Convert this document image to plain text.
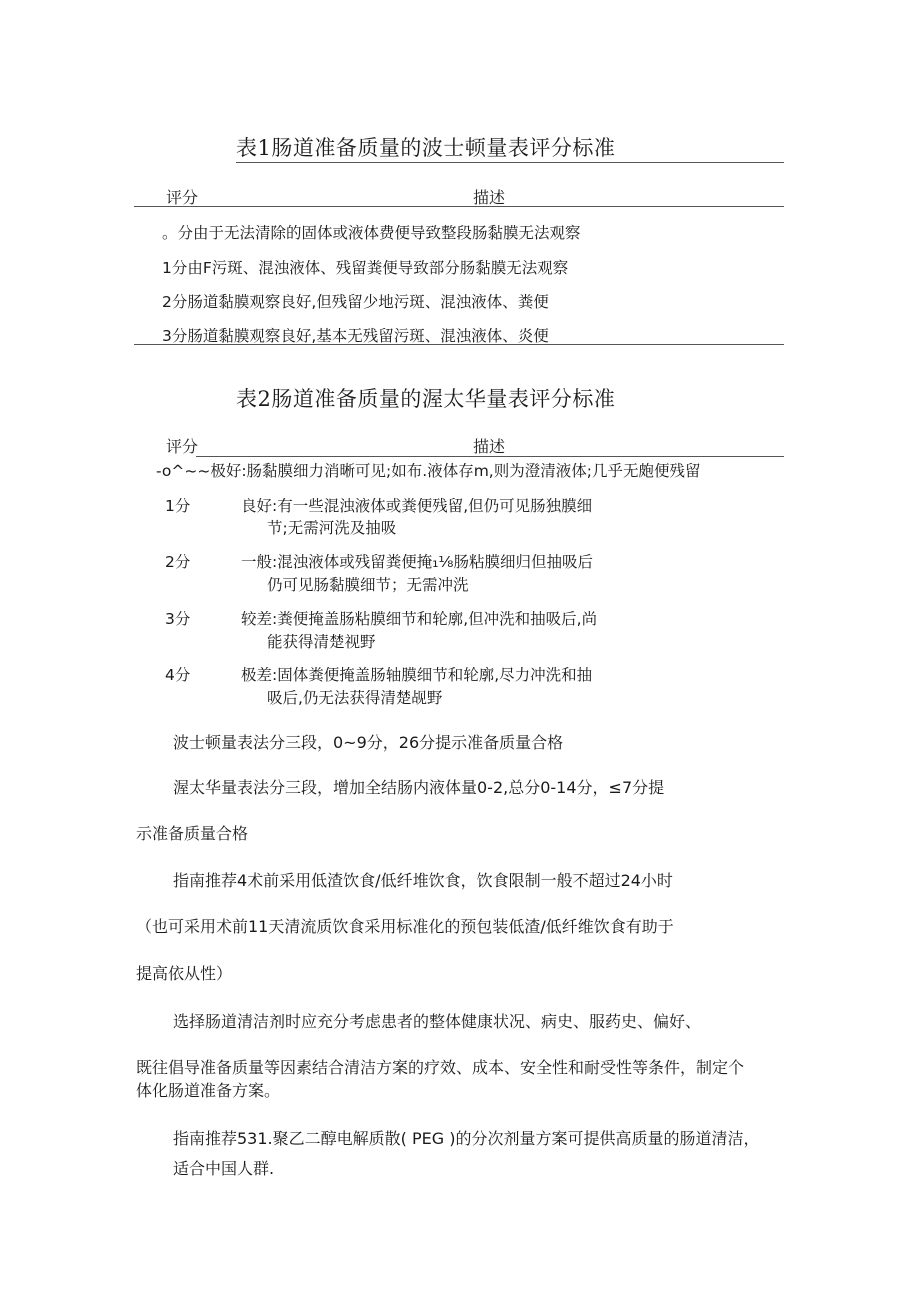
表1肠道准备质量的波士顿量表评分标准
评分	描述
。分由于无法清除的固体或液体费便导致整段肠黏膜无法观察
1分由F污斑、混浊液体、残留粪便导致部分肠黏膜无法观察
2分肠道黏膜观察良好,但残留少地污斑、混浊液体、粪便
3分肠道黏膜观察良好,基本无残留污斑、混浊液体、炎便
表2肠道准备质量的渥太华量表评分标准
评分	描述
-o^~~极好:肠黏膜细力消晰可见;如布.液体存m,则为澄清液体;几乎无皰便残留
1分	良好:有一些混浊液体或粪便残留,但仍可见肠独膜细
节;无需河洗及抽吸
2分	一般:混浊液体或残留粪便掩₁⅛肠粘膜细归但抽吸后
仍可见肠黏膜细节；无需冲洗
3分	较差:粪便掩盖肠粘膜细节和轮廓,但冲洗和抽吸后,尚
能获得清楚视野
4分	极差:固体粪便掩盖肠轴膜细节和轮廓,尽力冲洗和抽
吸后,仍无法获得清楚觇野
波士顿量表法分三段，0~9分，26分提示准备质量合格
渥太华量表法分三段，增加全结肠内液体量0-2,总分0-14分，≤7分提
示准备质量合格
指南推荐4术前采用低渣饮食/低纤堆饮食，饮食限制一般不超过24小时
（也可采用术前11天清流质饮食采用标准化的预包装低渣/低纤维饮食有助于
提高依从性）
选择肠道清洁剂时应充分考虑患者的整体健康状况、病史、服药史、偏好、
既往倡导准备质量等因素结合清洁方案的疗效、成本、安全性和耐受性等条件，制定个
体化肠道准备方案。
指南推荐531.聚乙二醇电解质散( PEG )的分次剂量方案可提供高质量的肠道清洁，
适合中国人群.
